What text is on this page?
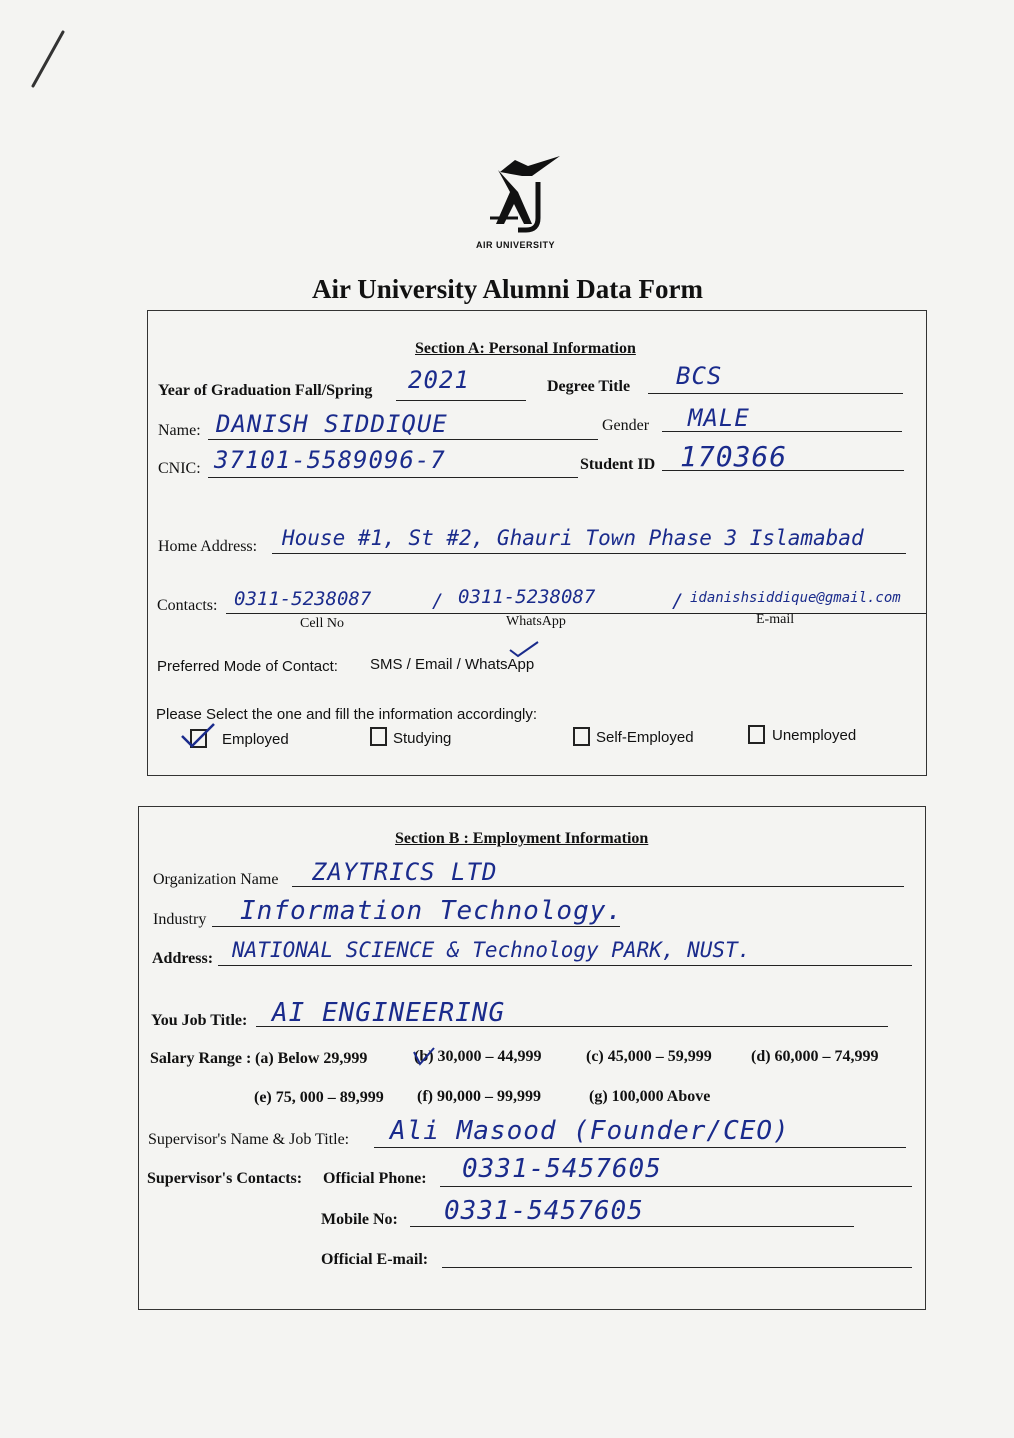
AIR UNIVERSITY
Air University Alumni Data Form
Section A: Personal Information
Year of Graduation Fall/Spring 2021	Degree Title BCS
Name: DANISH SIDDIQUE	Gender MALE
CNIC: 37101-5589096-7	Student ID 170366
Home Address: House #1, St #2, Ghauri Town Phase 3 Islamabad
Contacts: 0311-5238087	/ 0311-5238087	/ idanishsiddique@gmail.com
Cell No	WhatsApp	E-mail
Preferred Mode of Contact: SMS / Email / WhatsApp
Please Select the one and fill the information accordingly:
Employed	Studying	Self-Employed	Unemployed
Section B : Employment Information
Organization Name ZAYTRICS LTD
Industry Information Technology.
Address: NATIONAL SCIENCE & Technology PARK, NUST.
You Job Title: AI ENGINEERING
Salary Range : (a) Below 29,999	(b) 30,000 – 44,999	(c) 45,000 – 59,999 (d) 60,000 – 74,999
(e) 75, 000 – 89,999 (f) 90,000 – 99,999	(g) 100,000 Above
Supervisor's Name & Job Title: Ali Masood (Founder/CEO)
Supervisor's Contacts: Official Phone: 0331-5457605
Mobile No: 0331-5457605
Official E-mail:
